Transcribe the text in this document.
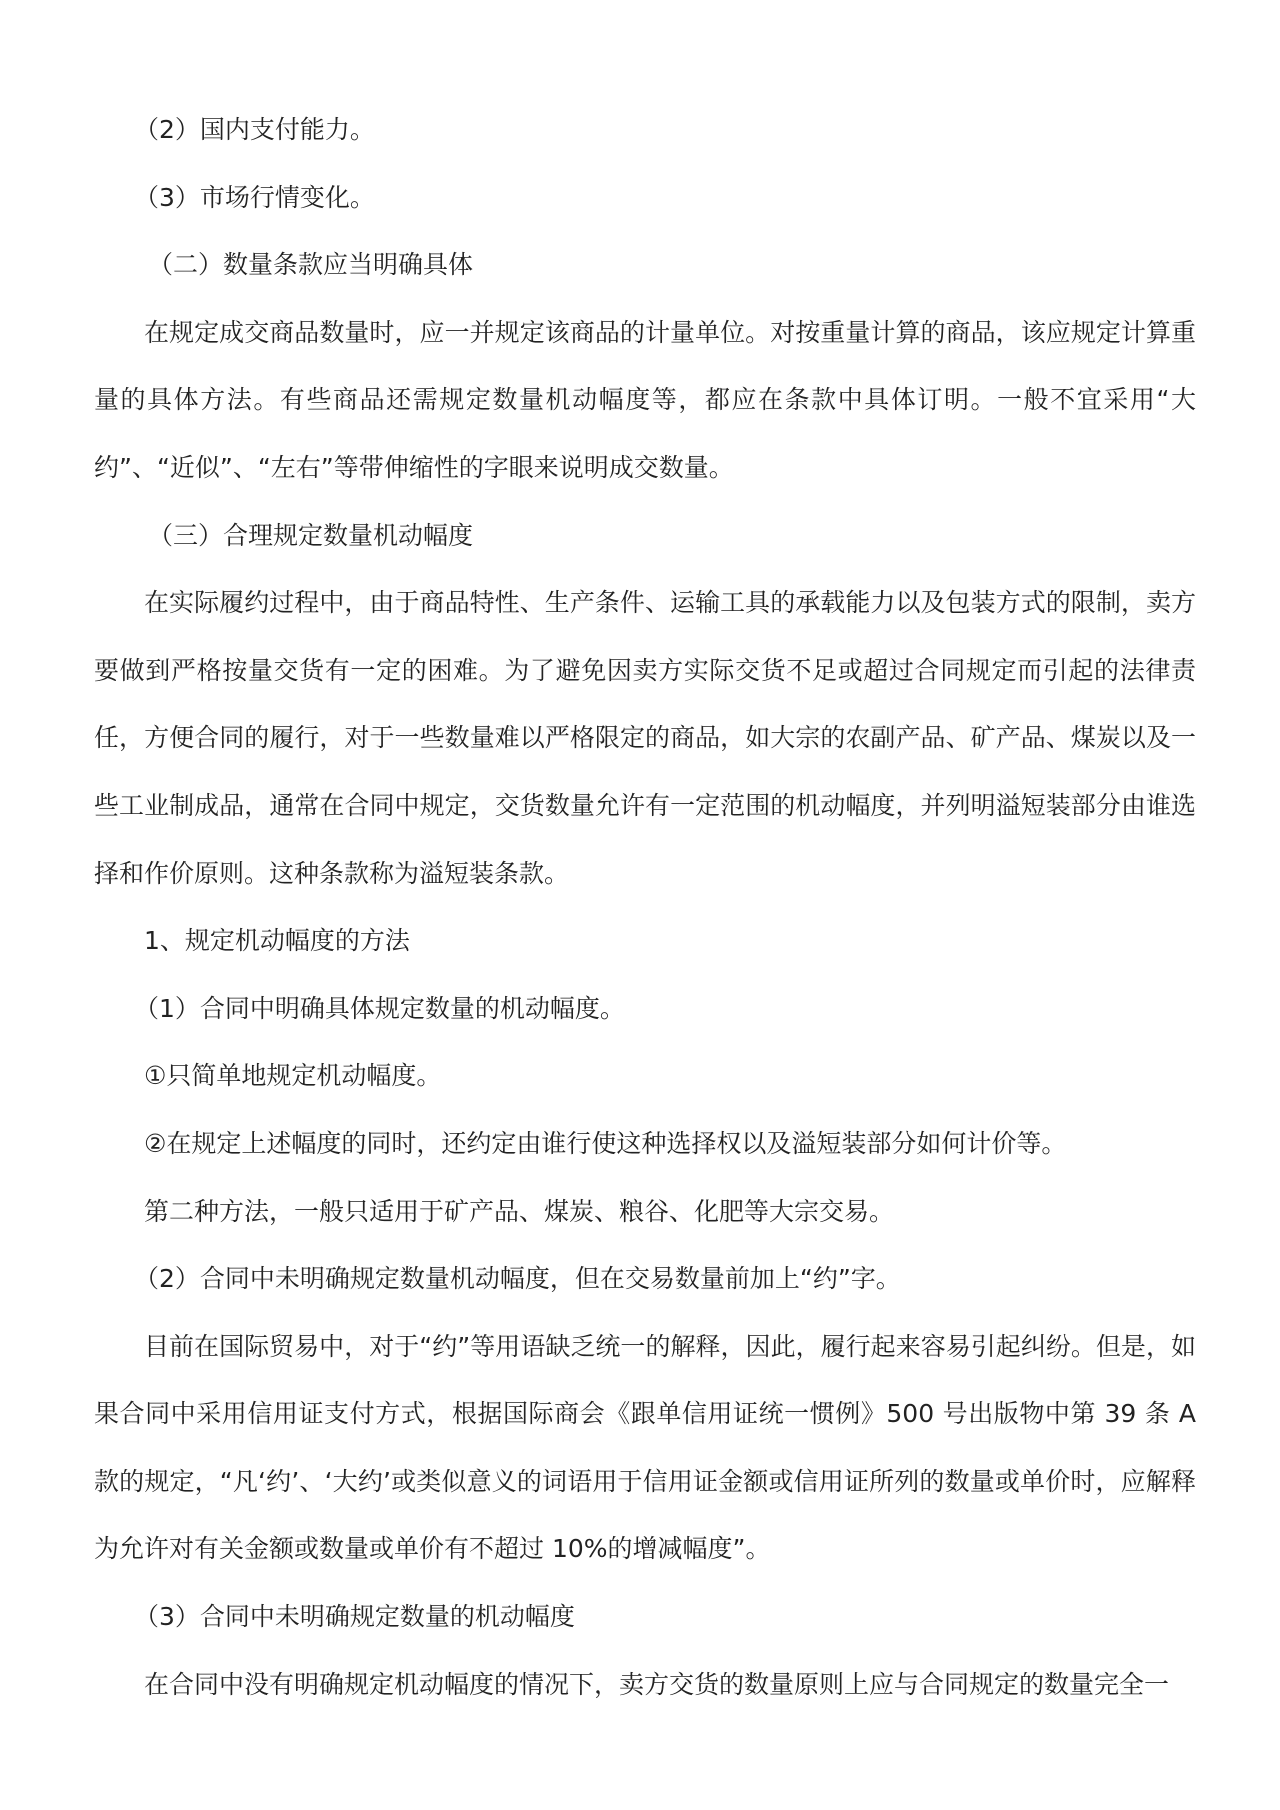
（2）国内支付能力。

（3）市场行情变化。

（二）数量条款应当明确具体

在规定成交商品数量时，应一并规定该商品的计量单位。对按重量计算的商品，该应规定计算重量的具体方法。有些商品还需规定数量机动幅度等，都应在条款中具体订明。一般不宜采用“大约”、“近似”、“左右”等带伸缩性的字眼来说明成交数量。

（三）合理规定数量机动幅度

在实际履约过程中，由于商品特性、生产条件、运输工具的承载能力以及包装方式的限制，卖方要做到严格按量交货有一定的困难。为了避免因卖方实际交货不足或超过合同规定而引起的法律责任，方便合同的履行，对于一些数量难以严格限定的商品，如大宗的农副产品、矿产品、煤炭以及一些工业制成品，通常在合同中规定，交货数量允许有一定范围的机动幅度，并列明溢短装部分由谁选择和作价原则。这种条款称为溢短装条款。

1、规定机动幅度的方法

（1）合同中明确具体规定数量的机动幅度。

①只简单地规定机动幅度。

②在规定上述幅度的同时，还约定由谁行使这种选择权以及溢短装部分如何计价等。

第二种方法，一般只适用于矿产品、煤炭、粮谷、化肥等大宗交易。

（2）合同中未明确规定数量机动幅度，但在交易数量前加上“约”字。

目前在国际贸易中，对于“约”等用语缺乏统一的解释，因此，履行起来容易引起纠纷。但是，如果合同中采用信用证支付方式，根据国际商会《跟单信用证统一惯例》500 号出版物中第 39 条 A 款的规定，“凡‘约’、‘大约’或类似意义的词语用于信用证金额或信用证所列的数量或单价时，应解释为允许对有关金额或数量或单价有不超过 10%的增减幅度”。

（3）合同中未明确规定数量的机动幅度

在合同中没有明确规定机动幅度的情况下，卖方交货的数量原则上应与合同规定的数量完全一
